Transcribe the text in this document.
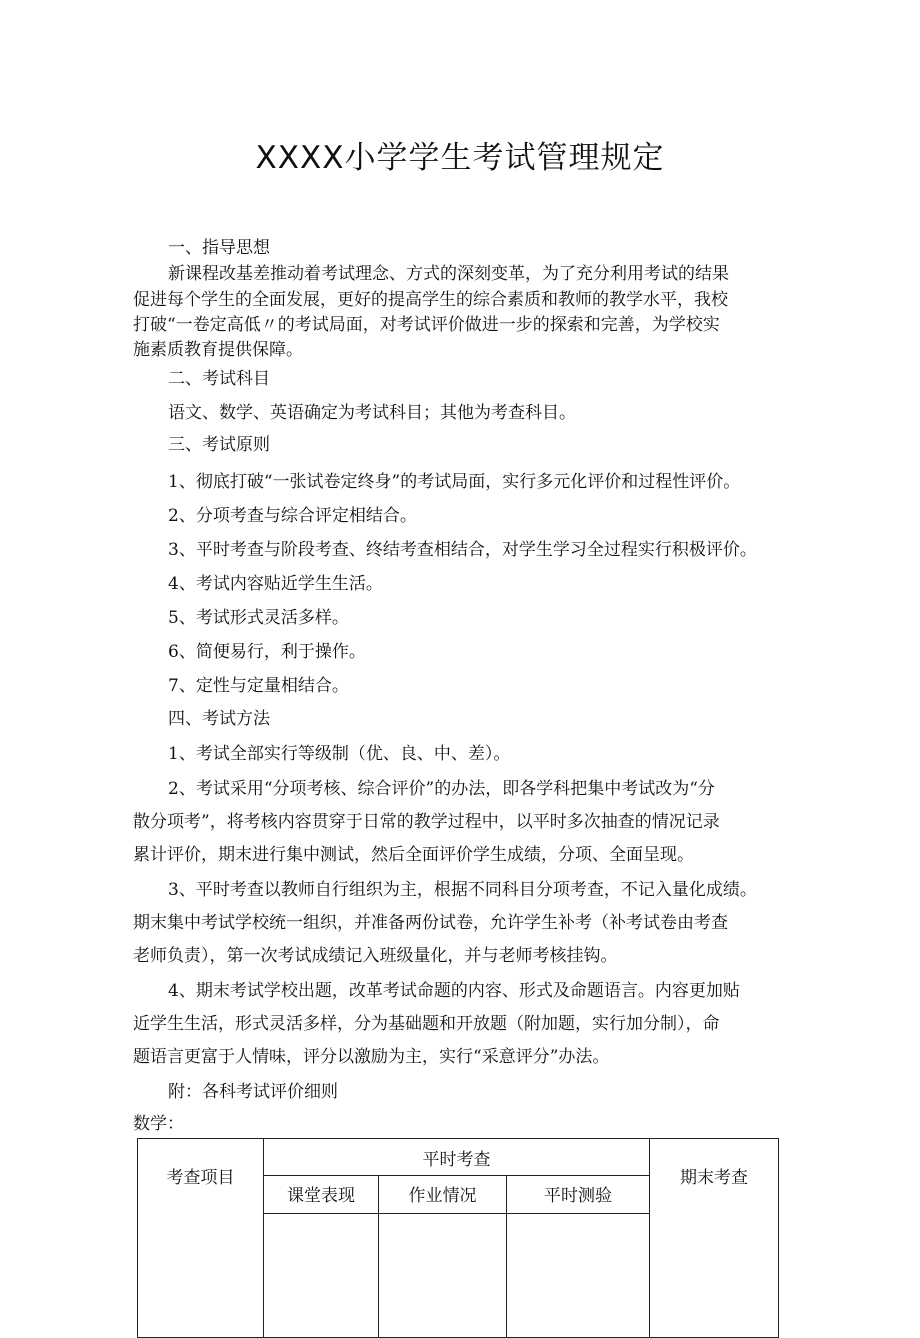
XXXX小学学生考试管理规定
一、指导思想
新课程改基差推动着考试理念、方式的深刻变革，为了充分利用考试的结果
促进每个学生的全面发展，更好的提高学生的综合素质和教师的教学水平，我校
打破“一卷定高低〃的考试局面，对考试评价做进一步的探索和完善，为学校实
施素质教育提供保障。
二、考试科目
语文、数学、英语确定为考试科目；其他为考查科目。
三、考试原则
1、彻底打破“一张试卷定终身”的考试局面，实行多元化评价和过程性评价。
2、分项考查与综合评定相结合。
3、平时考查与阶段考查、终结考查相结合，对学生学习全过程实行积极评价。
4、考试内容贴近学生生活。
5、考试形式灵活多样。
6、简便易行，利于操作。
7、定性与定量相结合。
四、考试方法
1、考试全部实行等级制（优、良、中、差）。
2、考试采用“分项考核、综合评价”的办法，即各学科把集中考试改为“分
散分项考”，将考核内容贯穿于日常的教学过程中，以平时多次抽查的情况记录
累计评价，期末进行集中测试，然后全面评价学生成绩，分项、全面呈现。
3、平时考查以教师自行组织为主，根据不同科目分项考查，不记入量化成绩。
期末集中考试学校统一组织，并准备两份试卷，允许学生补考（补考试卷由考查
老师负责），第一次考试成绩记入班级量化，并与老师考核挂钩。
4、期末考试学校出题，改革考试命题的内容、形式及命题语言。内容更加贴
近学生生活，形式灵活多样，分为基础题和开放题（附加题，实行加分制），命
题语言更富于人情味，评分以激励为主，实行“采意评分”办法。
附：各科考试评价细则
数学：
考查项目	平时考查			期末考查
	课堂表现	作业情况	平时测验	
